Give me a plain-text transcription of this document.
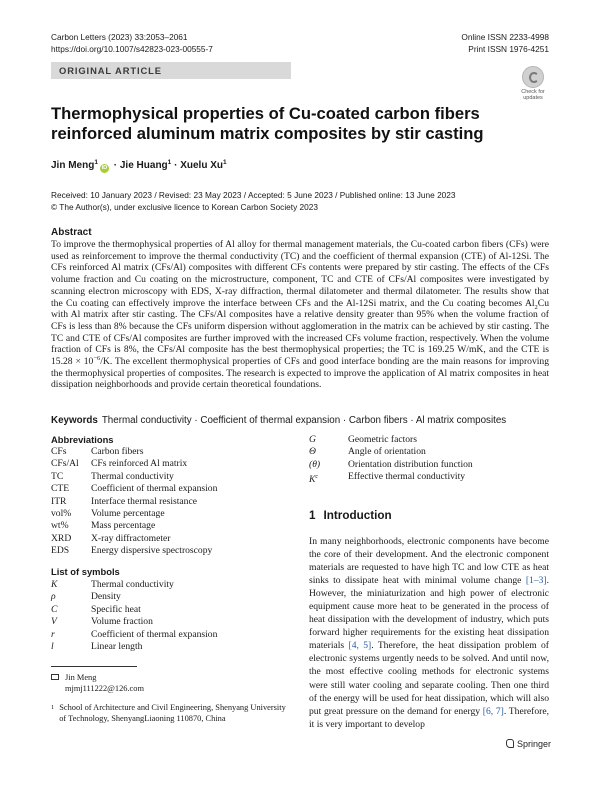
Carbon Letters (2023) 33:2053–2061
https://doi.org/10.1007/s42823-023-00555-7
Online ISSN 2233-4998
Print ISSN 1976-4251
ORIGINAL ARTICLE
Check for
updates
Thermophysical properties of Cu-coated carbon fibers reinforced aluminum matrix composites by stir casting
Jin Meng$^1$iD · Jie Huang$^1$ · Xuelu Xu$^1$
Received: 10 January 2023 / Revised: 23 May 2023 / Accepted: 5 June 2023 / Published online: 13 June 2023
© The Author(s), under exclusive licence to Korean Carbon Society 2023
Abstract
To improve the thermophysical properties of Al alloy for thermal management materials, the Cu-coated carbon fibers (CFs) were used as reinforcement to improve the thermal conductivity (TC) and the coefficient of thermal expansion (CTE) of Al-12Si. The CFs reinforced Al matrix (CFs/Al) composites with different CFs contents were prepared by stir casting. The effects of the CFs volume fraction and Cu coating on the microstructure, component, TC and CTE of CFs/Al composites were investigated by scanning electron microscopy with EDS, X-ray diffraction, thermal dilatometer and thermal dilatometer. The results show that the Cu coating can effectively improve the interface between CFs and the Al-12Si matrix, and the Cu coating becomes $Al_2Cu$ with Al matrix after stir casting. The CFs/Al composites have a relative density greater than 95% when the volume fraction of CFs is less than 8% because the CFs uniform dispersion without agglomeration in the matrix can be achieved by stir casting. The TC and CTE of CFs/Al composites are further improved with the increased CFs volume fraction, respectively. When the volume fraction of CFs is 8%, the CFs/Al composite has the best thermophysical properties; the TC is 169.25 W/mK, and the CTE is $15.28 \times 10^{-6}/K$. The excellent thermophysical properties of CFs and good interface bonding are the main reasons for improving the thermophysical properties of composites. The research is expected to improve the application of Al matrix composites in heat dissipation neighborhoods and provide certain theoretical foundations.
Keywords Thermal conductivity · Coefficient of thermal expansion · Carbon fibers · Al matrix composites
Abbreviations
CFs	Carbon fibers
CFs/Al	CFs reinforced Al matrix
TC	Thermal conductivity
CTE	Coefficient of thermal expansion
ITR	Interface thermal resistance
vol%	Volume percentage
wt%	Mass percentage
XRD	X-ray diffractometer
EDS	Energy dispersive spectroscopy
List of symbols
K	Thermal conductivity
ρ	Density
C	Specific heat
V	Volume fraction
r	Coefficient of thermal expansion
l	Linear length
G	Geometric factors
Θ	Angle of orientation
(θ)	Orientation distribution function
$K^c$	Effective thermal conductivity
Jin Meng
mjmj111222@126.com
1 School of Architecture and Civil Engineering, Shenyang University of Technology, ShenyangLiaoning 110870, China
1 Introduction
In many neighborhoods, electronic components have become the core of their development. And the electronic component materials are requested to have high TC and low CTE as heat sinks to dissipate heat with minimal volume change [1–3]. However, the miniaturization and high power of electronic equipment cause more heat to be generated in the process of heat dissipation with the development of industry, which puts forward higher requirements for the existing heat dissipation materials [4, 5]. Therefore, the heat dissipation problem of electronic systems urgently needs to be solved. And until now, the most effective cooling methods for electronic systems were still water cooling and separate cooling. Then one third of the energy will be used for heat dissipation, which will also put great pressure on the demand for energy [6, 7]. Therefore, it is very important to develop
Springer
